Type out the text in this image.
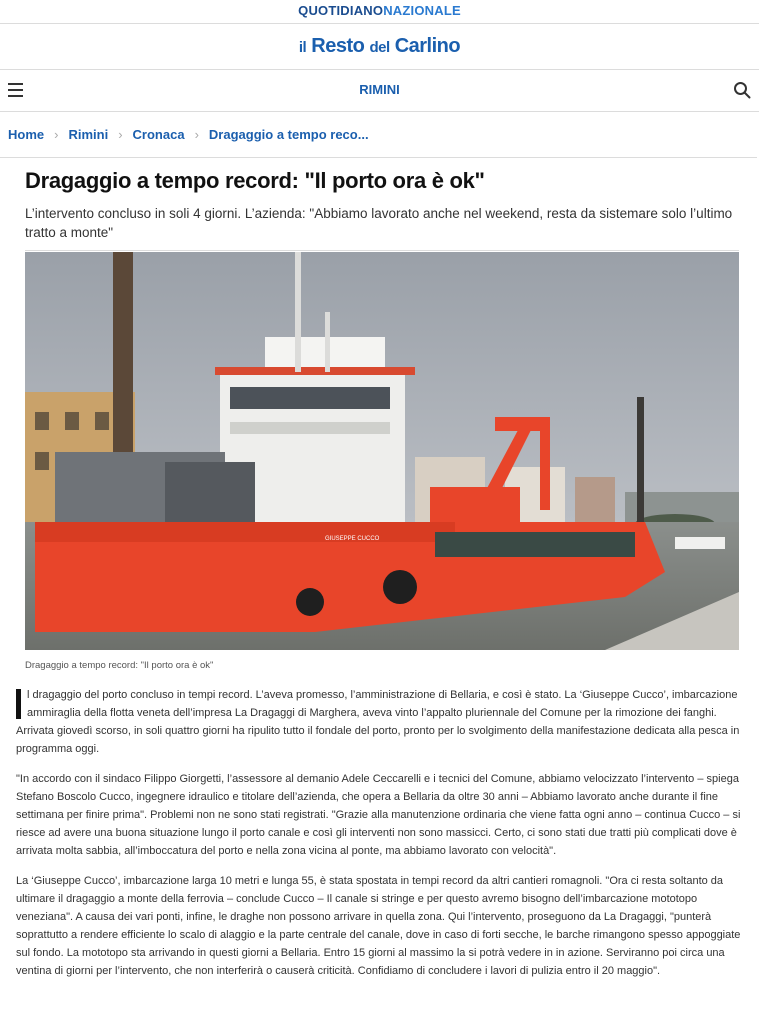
QUOTIDIANONAZIONALE
il Resto del Carlino
RIMINI
Home › Rimini › Cronaca › Dragaggio a tempo reco...
Dragaggio a tempo record: "Il porto ora è ok"
L’intervento concluso in soli 4 giorni. L’azienda: "Abbiamo lavorato anche nel weekend, resta da sistemare solo l’ultimo tratto a monte"
GIUSEPPE CUCCO
Dragaggio a tempo record: "Il porto ora è ok"

l dragaggio del porto concluso in tempi record. L’aveva promesso, l’amministrazione di Bellaria, e così è stato. La ‘Giuseppe Cucco’, imbarcazione ammiraglia della flotta veneta dell’impresa La Dragaggi di Marghera, aveva vinto l’appalto pluriennale del Comune per la rimozione dei fanghi. Arrivata giovedì scorso, in soli quattro giorni ha ripulito tutto il fondale del porto, pronto per lo svolgimento della manifestazione dedicata alla pesca in programma oggi.

"In accordo con il sindaco Filippo Giorgetti, l’assessore al demanio Adele Ceccarelli e i tecnici del Comune, abbiamo velocizzato l’intervento – spiega Stefano Boscolo Cucco, ingegnere idraulico e titolare dell’azienda, che opera a Bellaria da oltre 30 anni – Abbiamo lavorato anche durante il fine settimana per finire prima". Problemi non ne sono stati registrati. "Grazie alla manutenzione ordinaria che viene fatta ogni anno – continua Cucco – si riesce ad avere una buona situazione lungo il porto canale e così gli interventi non sono massicci. Certo, ci sono stati due tratti più complicati dove è arrivata molta sabbia, all’imboccatura del porto e nella zona vicina al ponte, ma abbiamo lavorato con velocità".

La ‘Giuseppe Cucco’, imbarcazione larga 10 metri e lunga 55, è stata spostata in tempi record da altri cantieri romagnoli. "Ora ci resta soltanto da ultimare il dragaggio a monte della ferrovia – conclude Cucco – Il canale si stringe e per questo avremo bisogno dell’imbarcazione mototopo veneziana". A causa dei vari ponti, infine, le draghe non possono arrivare in quella zona. Qui l’intervento, proseguono da La Dragaggi, "punterà soprattutto a rendere efficiente lo scalo di alaggio e la parte centrale del canale, dove in caso di forti secche, le barche rimangono spesso appoggiate sul fondo. La mototopo sta arrivando in questi giorni a Bellaria. Entro 15 giorni al massimo la si potrà vedere in in azione. Serviranno poi circa una ventina di giorni per l’intervento, che non interferirà o causerà criticità. Confidiamo di concludere i lavori di pulizia entro il 20 maggio".
